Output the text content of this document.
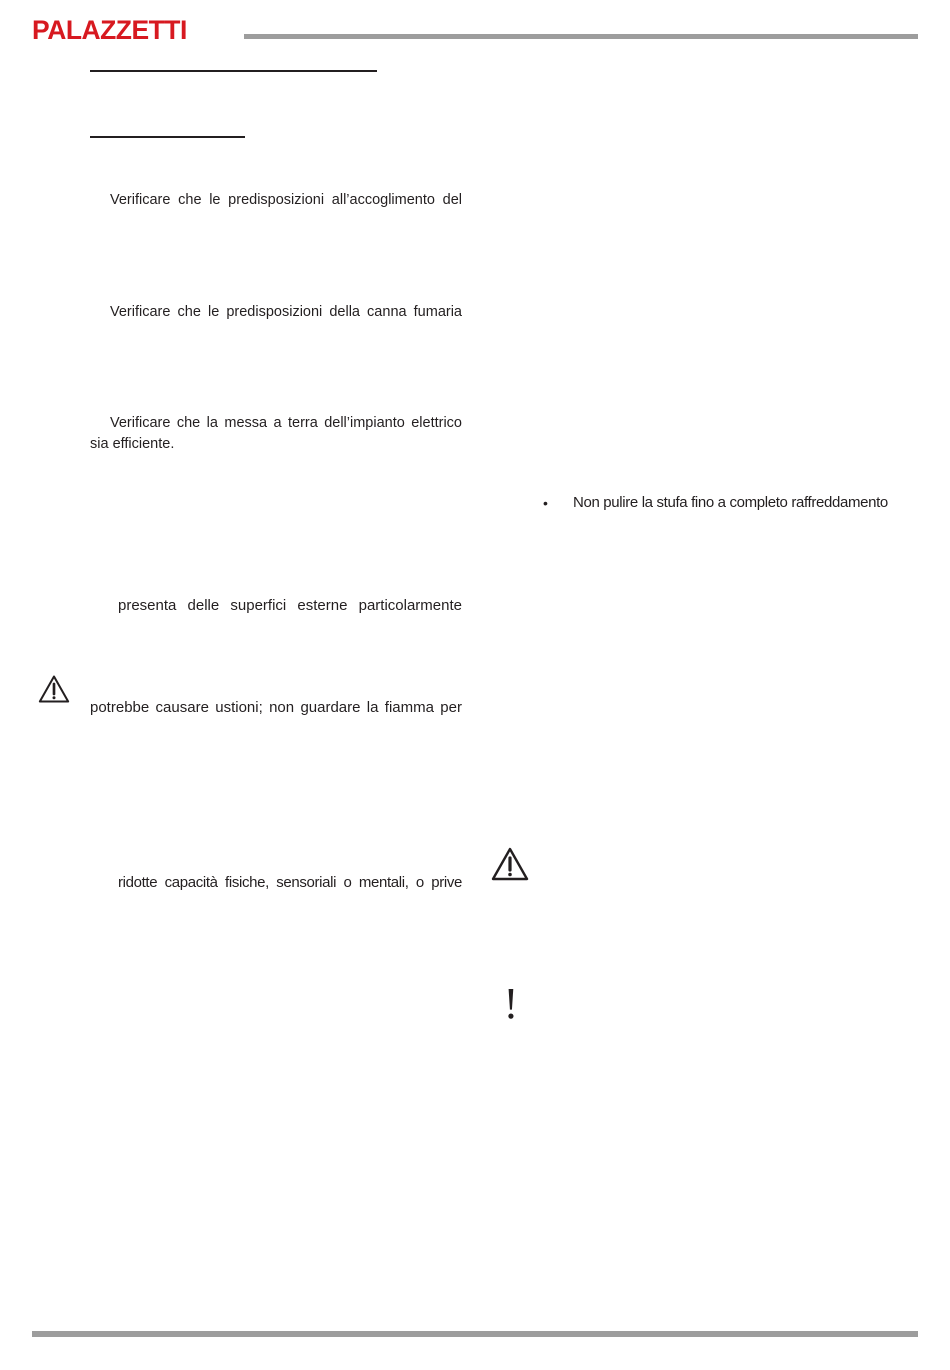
PALAZZETTI
Verificare che le predisposizioni all’accoglimento del
Verificare che le predisposizioni della canna fumaria
Verificare che la messa a terra dell’impianto elettrico
sia efficiente.
presenta delle superfici esterne particolarmente
potrebbe causare ustioni; non guardare la fiamma per
ridotte capacità fisiche, sensoriali o mentali, o prive
• Non pulire la stufa fino a completo raffreddamento
!
